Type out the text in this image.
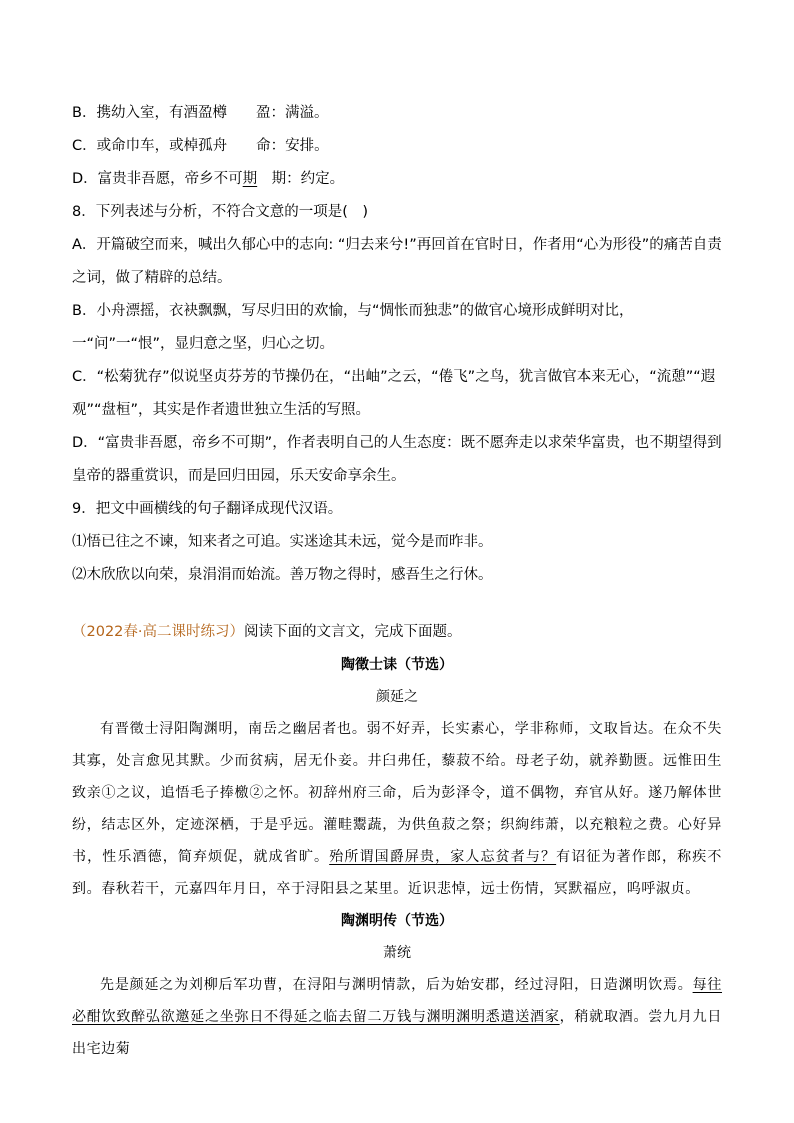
B．携幼入室，有酒盈樽　　盈：满溢。
C．或命巾车，或棹孤舟　　命：安排。
D．富贵非吾愿，帝乡不可期　期：约定。
8．下列表述与分析，不符合文意的一项是(　)
A．开篇破空而来，喊出久郁心中的志向: “归去来兮!”再回首在官时日，作者用“心为形役”的痛苦自责之词，做了精辟的总结。
B．小舟漂摇，衣袂飘飘，写尽归田的欢愉，与“惆怅而独悲”的做官心境形成鲜明对比，一“问”一“恨”，显归意之坚，归心之切。
C．“松菊犹存”似说坚贞芬芳的节操仍在，“出岫”之云，“倦飞”之鸟，犹言做官本来无心，“流憩”“遐观”“盘桓”，其实是作者遗世独立生活的写照。
D．“富贵非吾愿，帝乡不可期”，作者表明自己的人生态度：既不愿奔走以求荣华富贵，也不期望得到皇帝的器重赏识，而是回归田园，乐天安命享余生。
9．把文中画横线的句子翻译成现代汉语。
⑴悟已往之不谏，知来者之可追。实迷途其未远，觉今是而昨非。
⑵木欣欣以向荣，泉涓涓而始流。善万物之得时，感吾生之行休。
（2022春·高二课时练习）阅读下面的文言文，完成下面题。
陶徵士诔（节选）
颜延之
有晋徵士浔阳陶渊明，南岳之幽居者也。弱不好弄，长实素心，学非称师，文取旨达。在众不失其寡，处言愈见其默。少而贫病，居无仆妾。井臼弗任，藜菽不给。母老子幼，就养勤匮。远惟田生致亲①之议，追悟毛子捧檄②之怀。初辞州府三命，后为彭泽令，道不偶物，弃官从好。遂乃解体世纷，结志区外，定迹深栖，于是乎远。灌畦鬻蔬，为供鱼菽之祭；织絇纬萧，以充粮粒之费。心好异书，性乐酒德，简弃烦促，就成省旷。殆所谓国爵屏贵，家人忘贫者与？有诏征为著作郎，称疾不到。春秋若干，元嘉四年月日，卒于浔阳县之某里。近识悲悼，远士伤情，冥默福应，呜呼淑贞。
陶渊明传（节选）
萧统
先是颜延之为刘柳后军功曹，在浔阳与渊明情款，后为始安郡，经过浔阳，日造渊明饮焉。每往必酣饮致醉弘欲邀延之坐弥日不得延之临去留二万钱与渊明渊明悉遣送酒家，稍就取酒。尝九月九日出宅边菊
